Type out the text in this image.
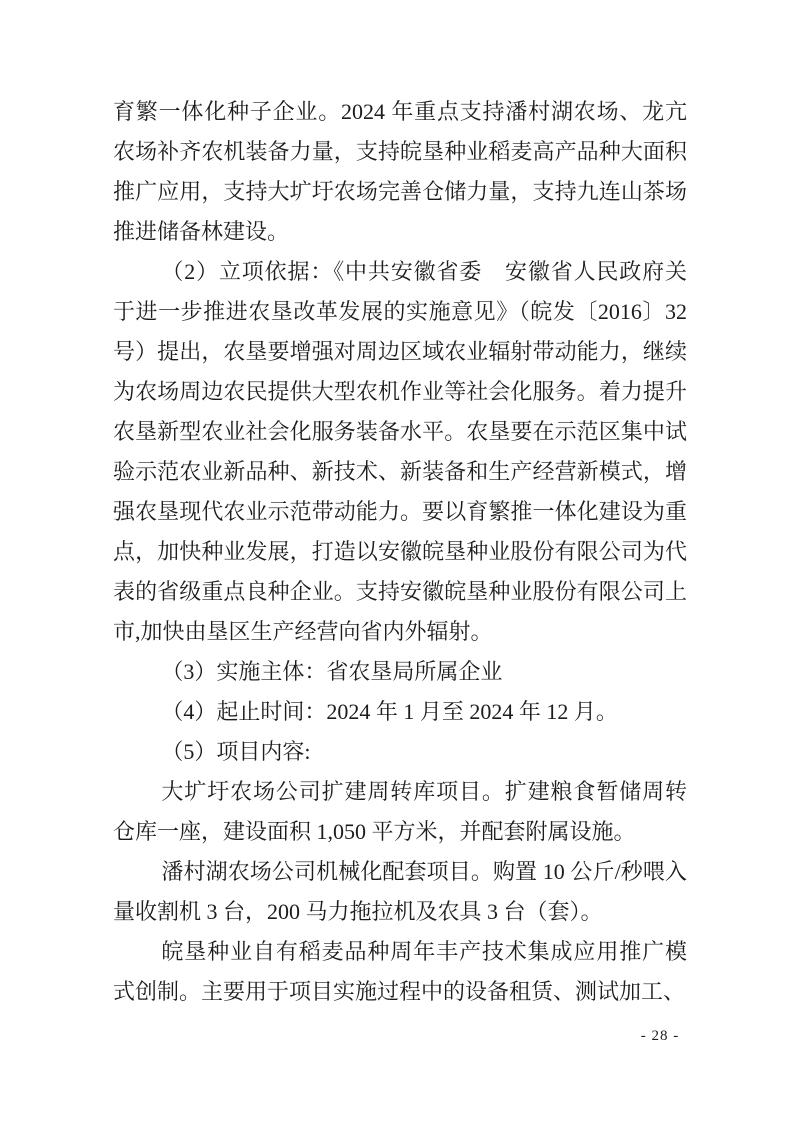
育繁一体化种子企业。2024 年重点支持潘村湖农场、龙亢农场补齐农机装备力量，支持皖垦种业稻麦高产品种大面积推广应用，支持大圹圩农场完善仓储力量，支持九连山茶场推进储备林建设。

（2）立项依据：《中共安徽省委　安徽省人民政府关于进一步推进农垦改革发展的实施意见》（皖发〔2016〕32 号）提出，农垦要增强对周边区域农业辐射带动能力，继续为农场周边农民提供大型农机作业等社会化服务。着力提升农垦新型农业社会化服务装备水平。农垦要在示范区集中试验示范农业新品种、新技术、新装备和生产经营新模式，增强农垦现代农业示范带动能力。要以育繁推一体化建设为重点，加快种业发展，打造以安徽皖垦种业股份有限公司为代表的省级重点良种企业。支持安徽皖垦种业股份有限公司上市,加快由垦区生产经营向省内外辐射。

（3）实施主体：省农垦局所属企业

（4）起止时间：2024 年 1 月至 2024 年 12 月。

（5）项目内容:

大圹圩农场公司扩建周转库项目。扩建粮食暂储周转仓库一座，建设面积 1,050 平方米，并配套附属设施。

潘村湖农场公司机械化配套项目。购置 10 公斤/秒喂入量收割机 3 台，200 马力拖拉机及农具 3 台（套）。

皖垦种业自有稻麦品种周年丰产技术集成应用推广模式创制。主要用于项目实施过程中的设备租赁、测试加工、

- 28 -
